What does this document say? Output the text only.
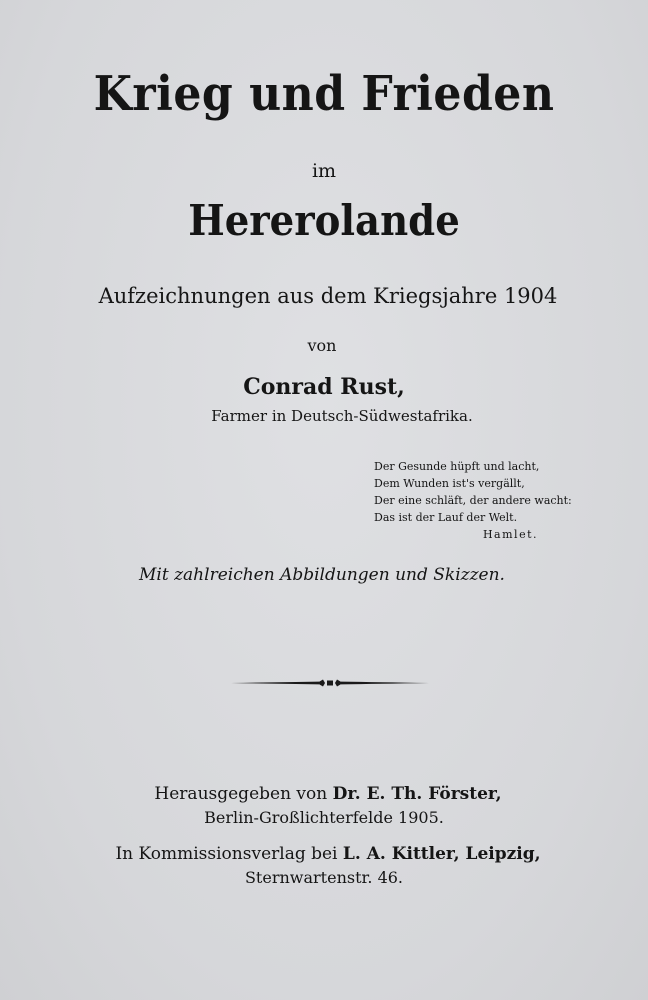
Krieg und Frieden
im
Hererolande
Aufzeichnungen aus dem Kriegsjahre 1904
von
Conrad Rust,
Farmer in Deutsch-Südwestafrika.
Der Gesunde hüpft und lacht,
Dem Wunden ist's vergällt,
Der eine schläft, der andere wacht:
Das ist der Lauf der Welt.
Hamlet.
Mit zahlreichen Abbildungen und Skizzen.
Herausgegeben von Dr. E. Th. Förster,
Berlin-Großlichterfelde 1905.
In Kommissionsverlag bei L. A. Kittler, Leipzig,
Sternwartenstr. 46.
